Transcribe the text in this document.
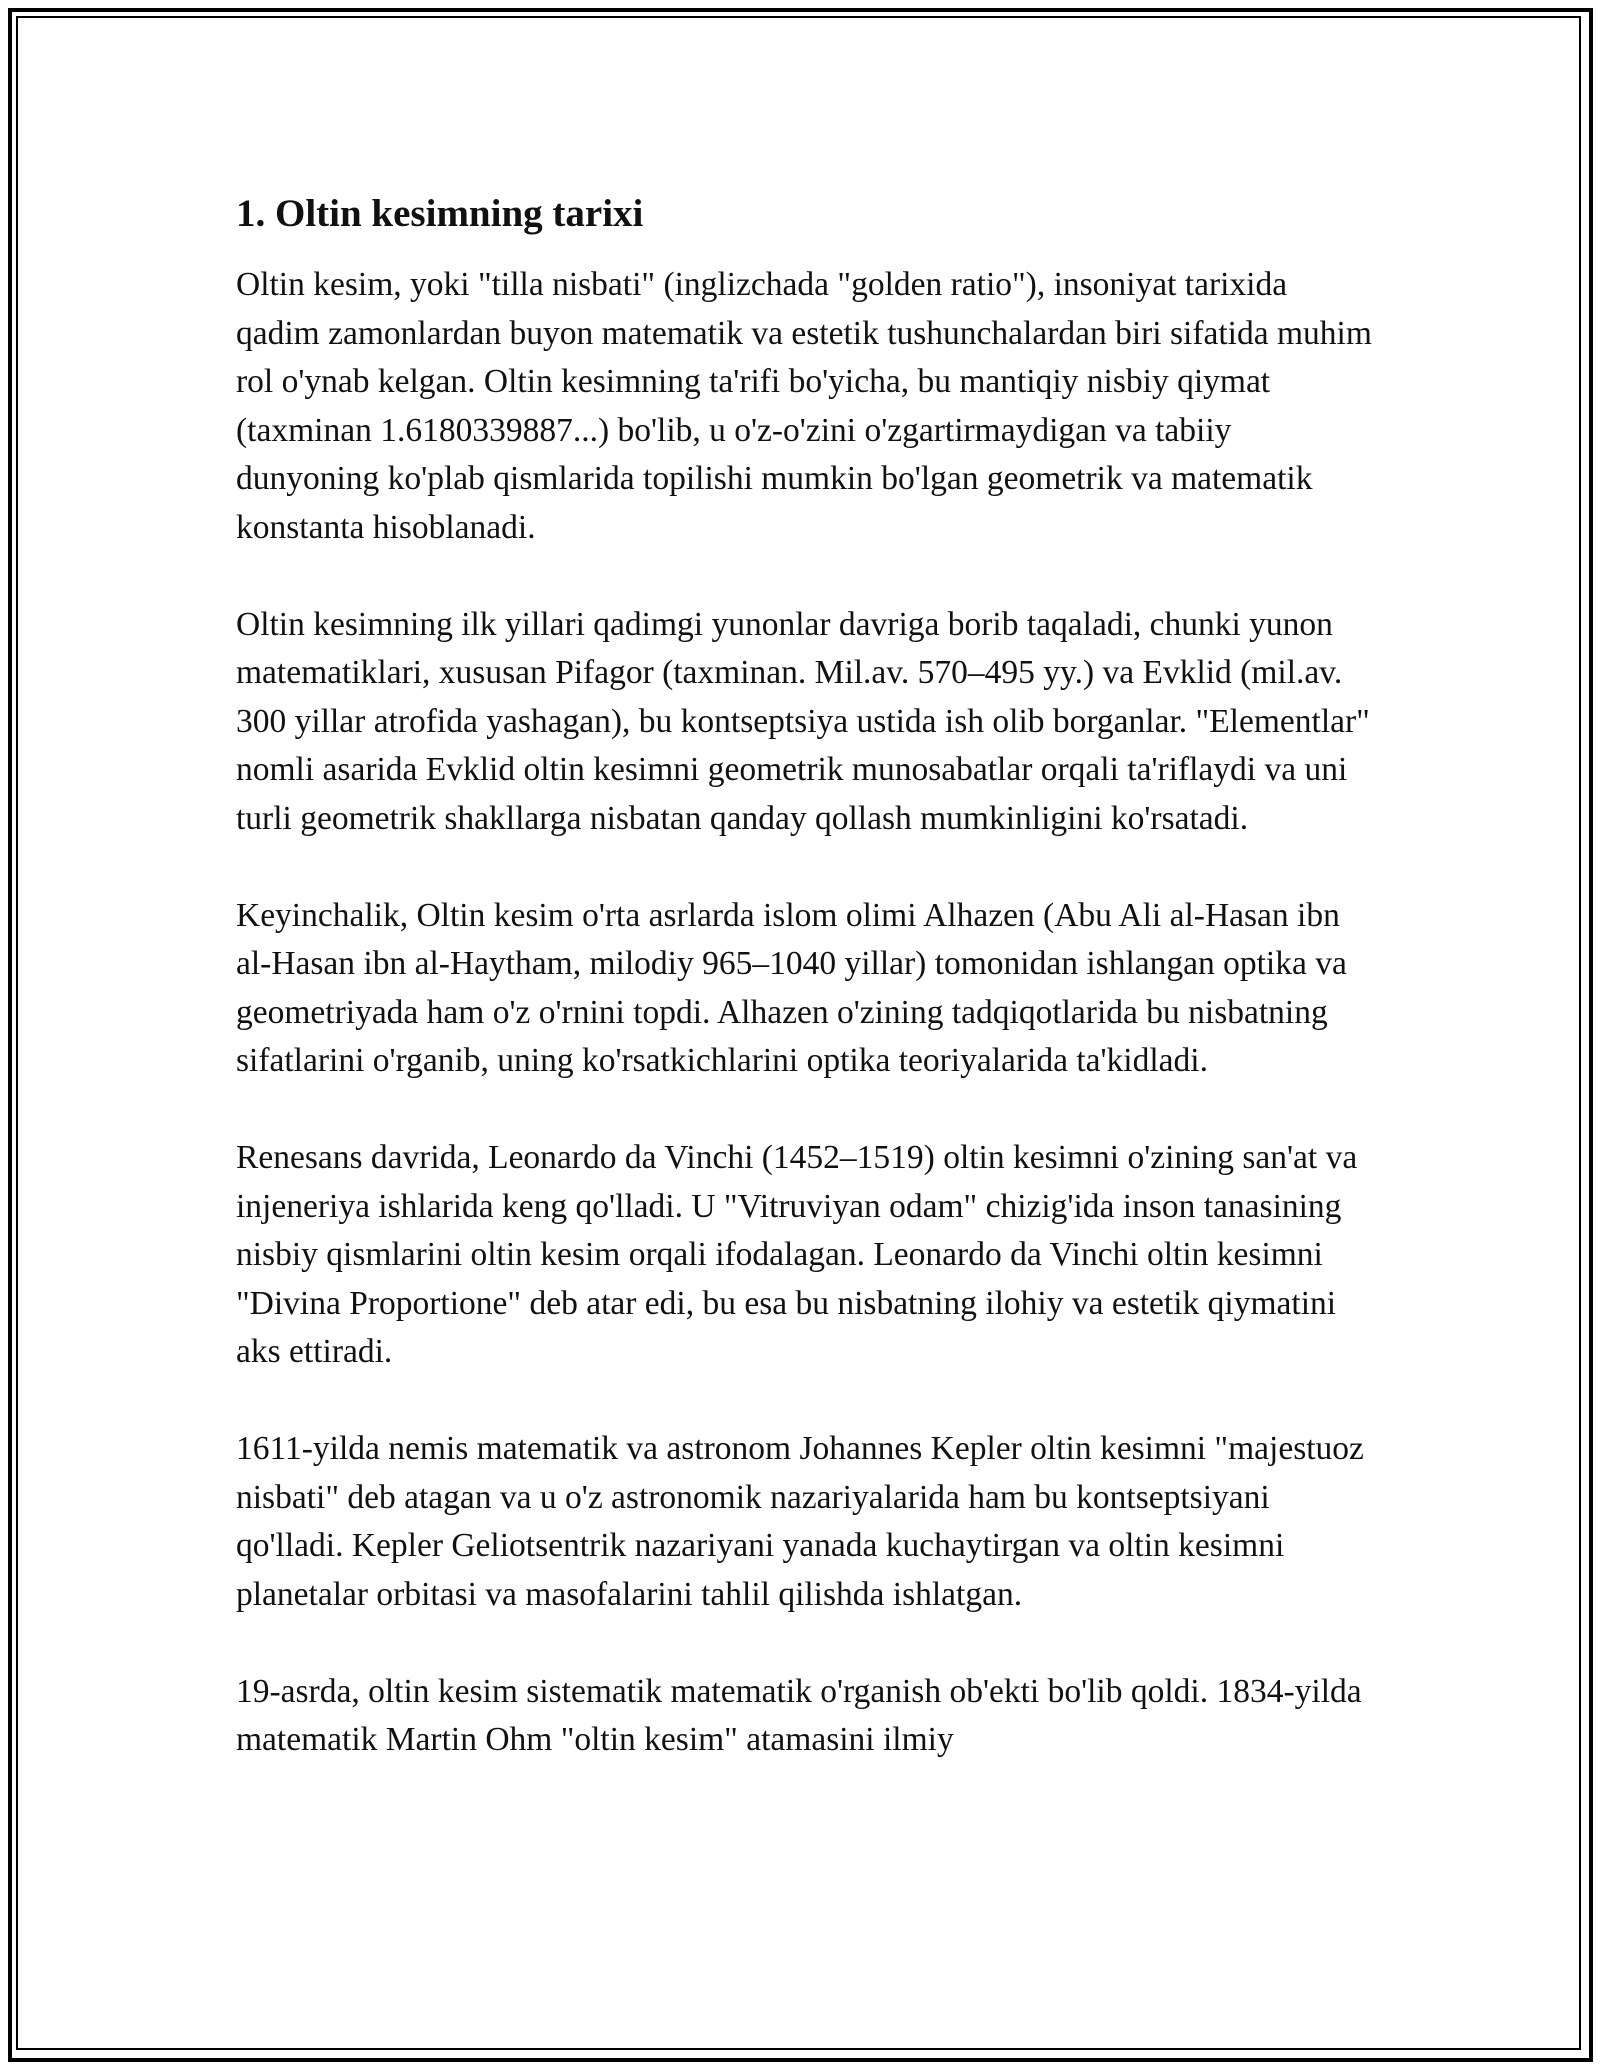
1. Oltin kesimning tarixi

Oltin kesim, yoki "tilla nisbati" (inglizchada "golden ratio"), insoniyat tarixida qadim zamonlardan buyon matematik va estetik tushunchalardan biri sifatida muhim rol o'ynab kelgan. Oltin kesimning ta'rifi bo'yicha, bu mantiqiy nisbiy qiymat (taxminan 1.6180339887...) bo'lib, u o'z-o'zini o'zgartirmaydigan va tabiiy dunyoning ko'plab qismlarida topilishi mumkin bo'lgan geometrik va matematik konstanta hisoblanadi.

Oltin kesimning ilk yillari qadimgi yunonlar davriga borib taqaladi, chunki yunon matematiklari, xususan Pifagor (taxminan. Mil.av. 570–495 yy.) va Evklid (mil.av. 300 yillar atrofida yashagan), bu kontseptsiya ustida ish olib borganlar. "Elementlar" nomli asarida Evklid oltin kesimni geometrik munosabatlar orqali ta'riflaydi va uni turli geometrik shakllarga nisbatan qanday qollash mumkinligini ko'rsatadi.

Keyinchalik, Oltin kesim o'rta asrlarda islom olimi Alhazen (Abu Ali al-Hasan ibn al-Hasan ibn al-Haytham, milodiy 965–1040 yillar) tomonidan ishlangan optika va geometriyada ham o'z o'rnini topdi. Alhazen o'zining tadqiqotlarida bu nisbatning sifatlarini o'rganib, uning ko'rsatkichlarini optika teoriyalarida ta'kidladi.

Renesans davrida, Leonardo da Vinchi (1452–1519) oltin kesimni o'zining san'at va injeneriya ishlarida keng qo'lladi. U "Vitruviyan odam" chizig'ida inson tanasining nisbiy qismlarini oltin kesim orqali ifodalagan. Leonardo da Vinchi oltin kesimni "Divina Proportione" deb atar edi, bu esa bu nisbatning ilohiy va estetik qiymatini aks ettiradi.

1611-yilda nemis matematik va astronom Johannes Kepler oltin kesimni "majestuoz nisbati" deb atagan va u o'z astronomik nazariyalarida ham bu kontseptsiyani qo'lladi. Kepler Geliotsentrik nazariyani yanada kuchaytirgan va oltin kesimni planetalar orbitasi va masofalarini tahlil qilishda ishlatgan.

19-asrda, oltin kesim sistematik matematik o'rganish ob'ekti bo'lib qoldi. 1834-yilda matematik Martin Ohm "oltin kesim" atamasini ilmiy
